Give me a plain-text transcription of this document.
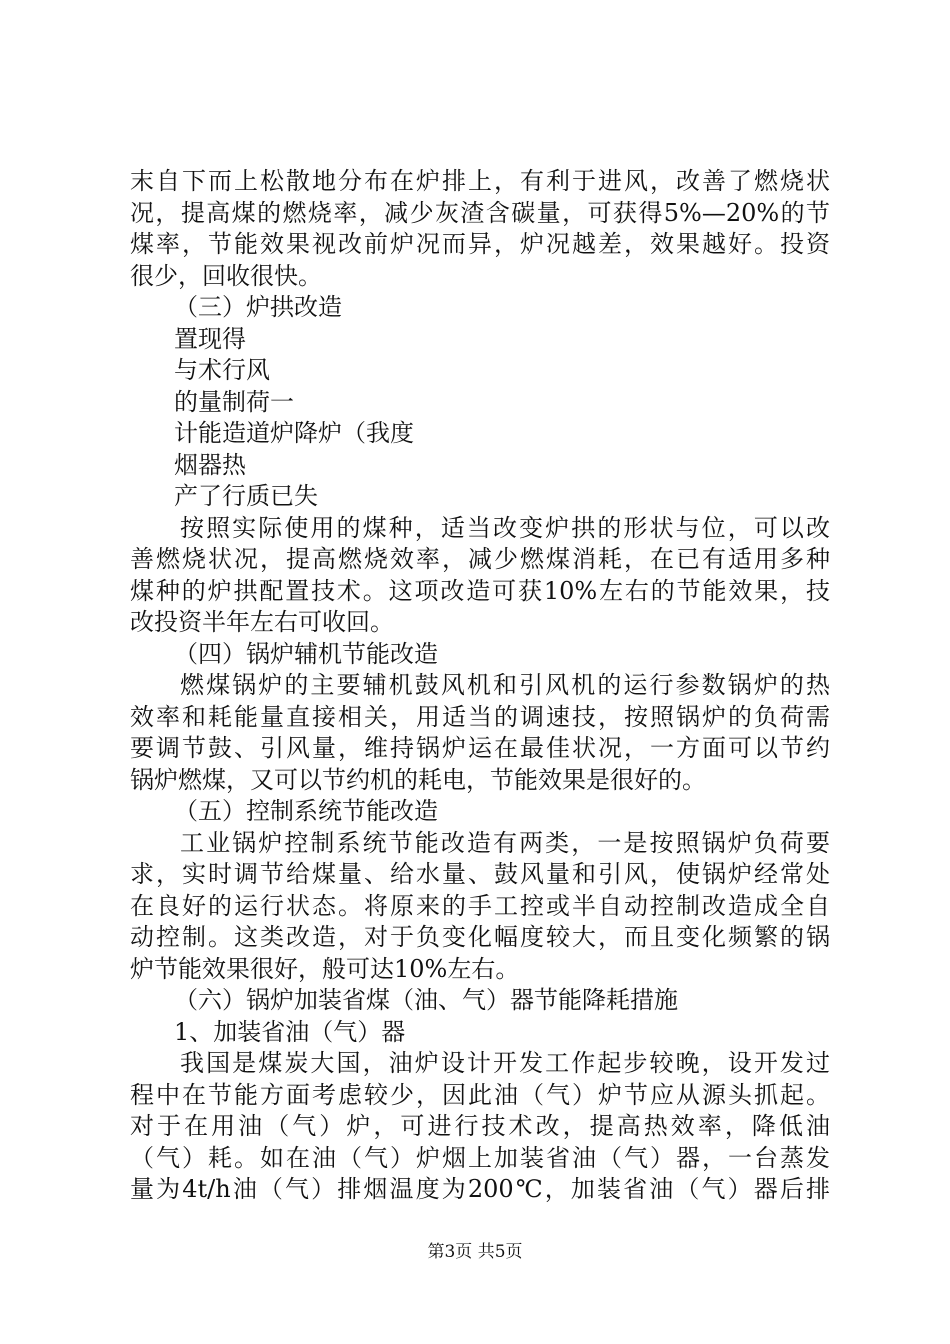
末自下而上松散地分布在炉排上，有利于进风，改善了燃烧状
况，提高煤的燃烧率，减少灰渣含碳量，可获得5%—20%的节
煤率，节能效果视改前炉况而异，炉况越差，效果越好。投资
很少，回收很快。
（三）炉拱改造
置现得
与术行风
的量制荷一
计能造道炉降炉（我度
烟器热
产了行质已失
按照实际使用的煤种，适当改变炉拱的形状与位，可以改
善燃烧状况，提高燃烧效率，减少燃煤消耗，在已有适用多种
煤种的炉拱配置技术。这项改造可获10%左右的节能效果，技
改投资半年左右可收回。
（四）锅炉辅机节能改造
燃煤锅炉的主要辅机鼓风机和引风机的运行参数锅炉的热
效率和耗能量直接相关，用适当的调速技，按照锅炉的负荷需
要调节鼓、引风量，维持锅炉运在最佳状况，一方面可以节约
锅炉燃煤，又可以节约机的耗电，节能效果是很好的。
（五）控制系统节能改造
工业锅炉控制系统节能改造有两类，一是按照锅炉负荷要
求，实时调节给煤量、给水量、鼓风量和引风，使锅炉经常处
在良好的运行状态。将原来的手工控或半自动控制改造成全自
动控制。这类改造，对于负变化幅度较大，而且变化频繁的锅
炉节能效果很好，般可达10%左右。
（六）锅炉加装省煤（油、气）器节能降耗措施
1、加装省油（气）器
我国是煤炭大国，油炉设计开发工作起步较晚，设开发过
程中在节能方面考虑较少，因此油（气）炉节应从源头抓起。
对于在用油（气）炉，可进行技术改，提高热效率，降低油
（气）耗。如在油（气）炉烟上加装省油（气）器，一台蒸发
量为4t/h油（气）排烟温度为200℃，加装省油（气）器后排
第3页 共5页
